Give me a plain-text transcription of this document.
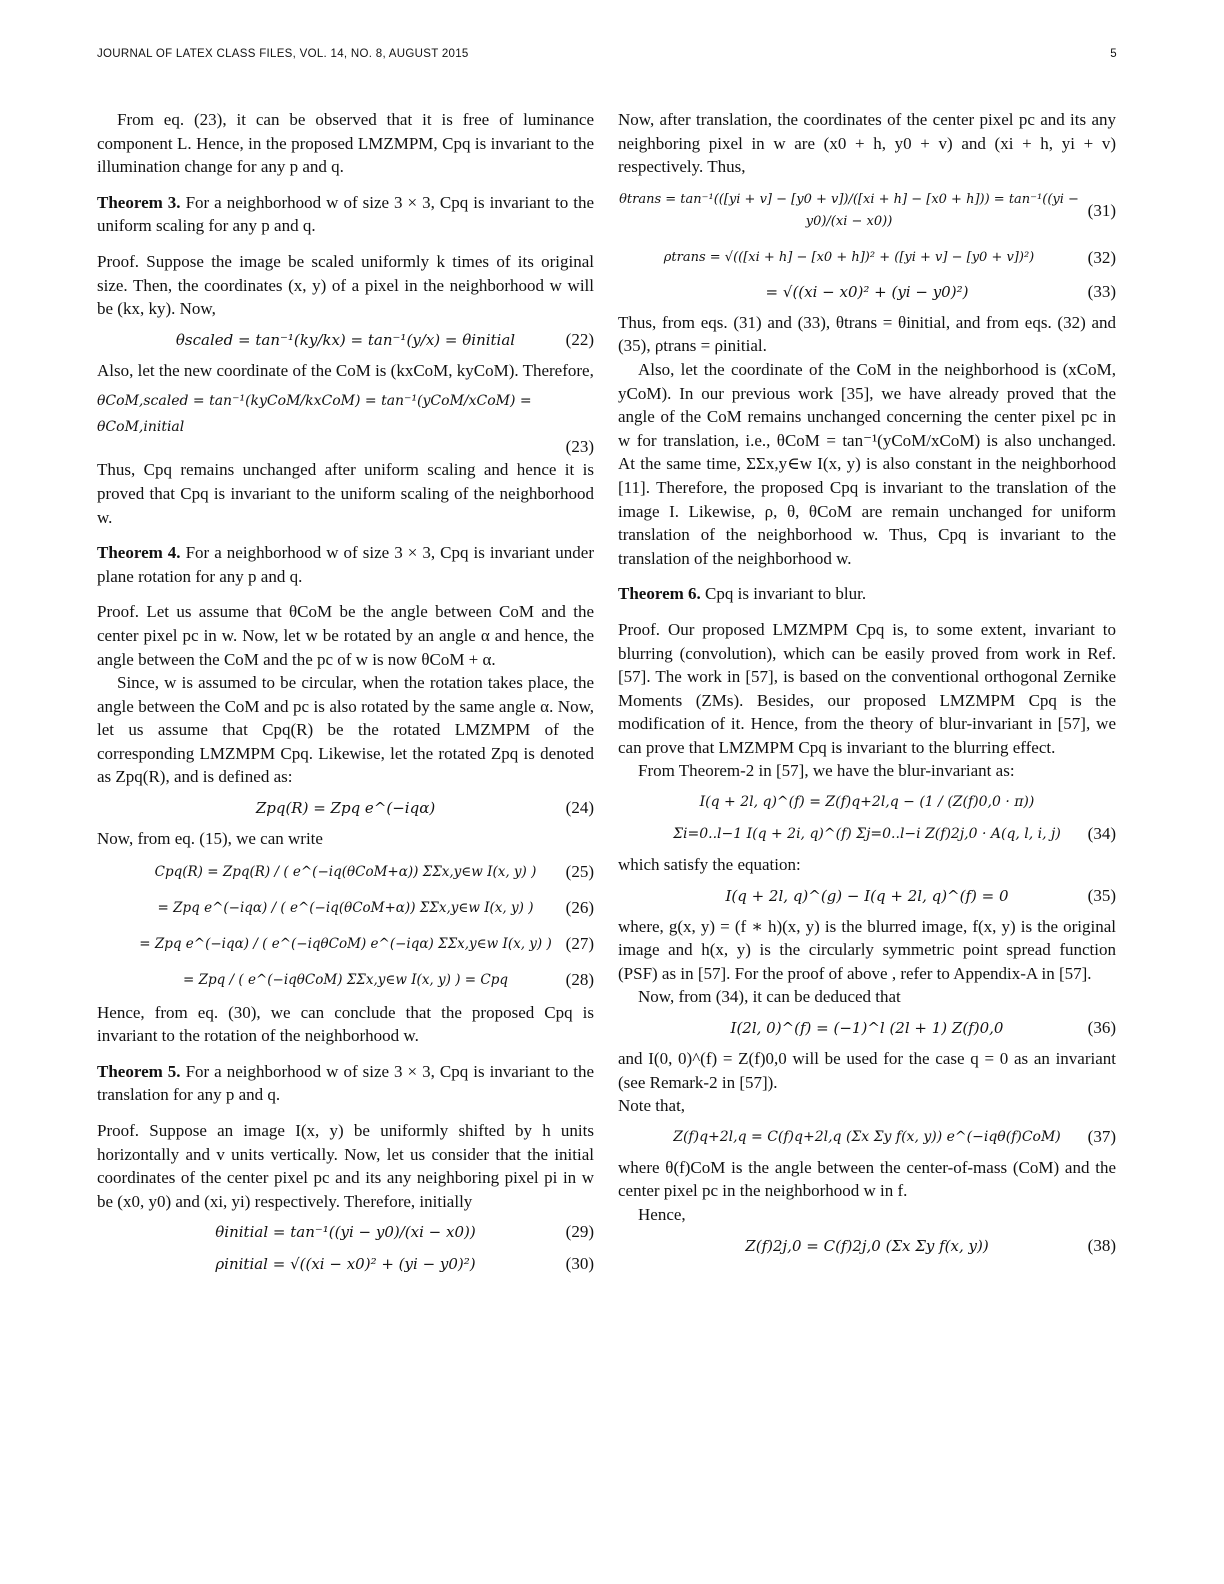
JOURNAL OF LATEX CLASS FILES, VOL. 14, NO. 8, AUGUST 2015	5

From eq. (23), it can be observed that it is free of luminance component L. Hence, in the proposed LMZMPM, Cpq is invariant to the illumination change for any p and q.

Theorem 3. For a neighborhood w of size 3 × 3, Cpq is invariant to the uniform scaling for any p and q.

Proof. Suppose the image be scaled uniformly k times of its original size. Then, the coordinates (x, y) of a pixel in the neighborhood w will be (kx, ky). Now,

θscaled = tan⁻¹(ky/kx) = tan⁻¹(y/x) = θinitial	(22)

Also, let the new coordinate of the CoM is (kxCoM, kyCoM). Therefore,

θCoM,scaled = tan⁻¹(kyCoM/kxCoM) = tan⁻¹(yCoM/xCoM) = θCoM,initial
(23)

Thus, Cpq remains unchanged after uniform scaling and hence it is proved that Cpq is invariant to the uniform scaling of the neighborhood w.

Theorem 4. For a neighborhood w of size 3 × 3, Cpq is invariant under plane rotation for any p and q.

Proof. Let us assume that θCoM be the angle between CoM and the center pixel pc in w. Now, let w be rotated by an angle α and hence, the angle between the CoM and the pc of w is now θCoM + α.

Since, w is assumed to be circular, when the rotation takes place, the angle between the CoM and pc is also rotated by the same angle α. Now, let us assume that Cpq(R) be the rotated LMZMPM of the corresponding LMZMPM Cpq. Likewise, let the rotated Zpq is denoted as Zpq(R), and is defined as:

Zpq(R) = Zpq e^(−iqα)	(24)

Now, from eq. (15), we can write

Cpq(R) = Zpq(R) / ( e^(−iq(θCoM+α)) ΣΣx,y∈w I(x, y) ) (25)
= Zpq e^(−iqα) / ( e^(−iq(θCoM+α)) ΣΣx,y∈w I(x, y) ) (26)
= Zpq e^(−iqα) / ( e^(−iqθCoM) e^(−iqα) ΣΣx,y∈w I(x, y) ) (27)
= Zpq / ( e^(−iqθCoM) ΣΣx,y∈w I(x, y) ) = Cpq	(28)

Hence, from eq. (30), we can conclude that the proposed Cpq is invariant to the rotation of the neighborhood w.

Theorem 5. For a neighborhood w of size 3 × 3, Cpq is invariant to the translation for any p and q.

Proof. Suppose an image I(x, y) be uniformly shifted by h units horizontally and v units vertically. Now, let us consider that the initial coordinates of the center pixel pc and its any neighboring pixel pi in w be (x0, y0) and (xi, yi) respectively. Therefore, initially

θinitial = tan⁻¹((yi − y0)/(xi − x0))	(29)
ρinitial = √((xi − x0)² + (yi − y0)²)	(30)

Now, after translation, the coordinates of the center pixel pc and its any neighboring pixel in w are (x0 + h, y0 + v) and (xi + h, yi + v) respectively. Thus,

θtrans = tan⁻¹(([yi + v] − [y0 + v])/([xi + h] − [x0 + h])) = tan⁻¹((yi − y0)/(xi − x0))
(31)
ρtrans = √(([xi + h] − [x0 + h])² + ([yi + v] − [y0 + v])²)	(32)
= √((xi − x0)² + (yi − y0)²)	(33)

Thus, from eqs. (31) and (33), θtrans = θinitial, and from eqs. (32) and (35), ρtrans = ρinitial.

Also, let the coordinate of the CoM in the neighborhood is (xCoM, yCoM). In our previous work [35], we have already proved that the angle of the CoM remains unchanged concerning the center pixel pc in w for translation, i.e., θCoM = tan⁻¹(yCoM/xCoM) is also unchanged. At the same time, ΣΣx,y∈w I(x, y) is also constant in the neighborhood [11]. Therefore, the proposed Cpq is invariant to the translation of the image I. Likewise, ρ, θ, θCoM are remain unchanged for uniform translation of the neighborhood w. Thus, Cpq is invariant to the translation of the neighborhood w.

Theorem 6. Cpq is invariant to blur.

Proof. Our proposed LMZMPM Cpq is, to some extent, invariant to blurring (convolution), which can be easily proved from work in Ref. [57]. The work in [57], is based on the conventional orthogonal Zernike Moments (ZMs). Besides, our proposed LMZMPM Cpq is the modification of it. Hence, from the theory of blur-invariant in [57], we can prove that LMZMPM Cpq is invariant to the blurring effect.

From Theorem-2 in [57], we have the blur-invariant as:

I(q + 2l, q)^(f) = Z(f)q+2l,q − (1 / (Z(f)0,0 · π))
Σi=0..l−1 I(q + 2i, q)^(f) Σj=0..l−i Z(f)2j,0 · A(q, l, i, j) (34)

which satisfy the equation:

I(q + 2l, q)^(g) − I(q + 2l, q)^(f) = 0	(35)

where, g(x, y) = (f ∗ h)(x, y) is the blurred image, f(x, y) is the original image and h(x, y) is the circularly symmetric point spread function (PSF) as in [57]. For the proof of above , refer to Appendix-A in [57].

Now, from (34), it can be deduced that

I(2l, 0)^(f) = (−1)^l (2l + 1) Z(f)0,0	(36)

and I(0, 0)^(f) = Z(f)0,0 will be used for the case q = 0 as an invariant (see Remark-2 in [57]).

Note that,

Z(f)q+2l,q = C(f)q+2l,q (Σx Σy f(x, y)) e^(−iqθ(f)CoM) (37)

where θ(f)CoM is the angle between the center-of-mass (CoM) and the center pixel pc in the neighborhood w in f.

Hence,

Z(f)2j,0 = C(f)2j,0 (Σx Σy f(x, y))	(38)
